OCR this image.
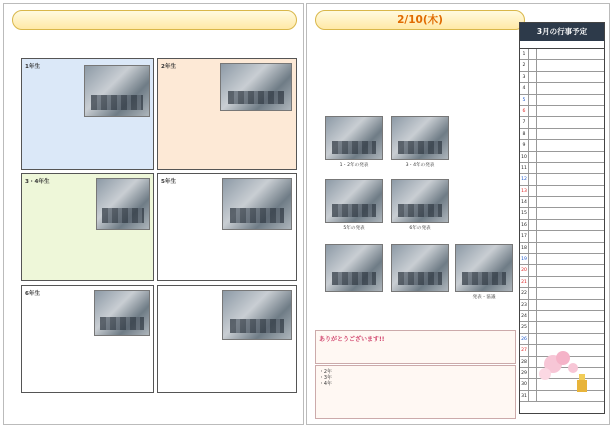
1年生	2年生
3・4年生	5年生
6年生
2/10(木)
1・2年の発表	3・4年の発表
5年の発表	6年の発表
発表・協議
ありがとうございます!!
・2年
・3年
・4年
3月の行事予定
1
2
3
4
5
6
7
8
9
10
11
12
13
14
15
16
17
18
19
20
21
22
23
24
25
26
27
28
29
30
31
